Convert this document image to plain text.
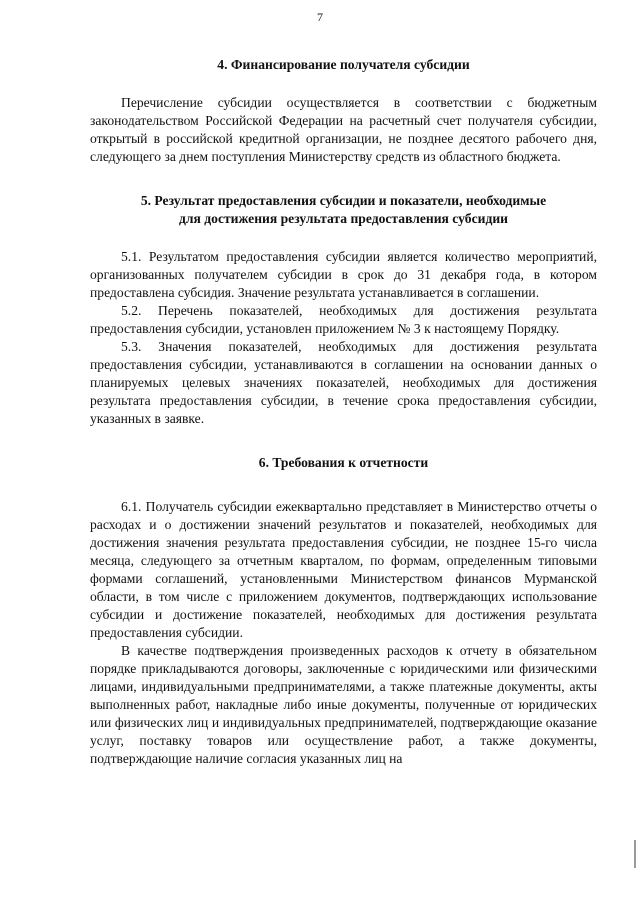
7

4. Финансирование получателя субсидии

Перечисление субсидии осуществляется в соответствии с бюджетным законодательством Российской Федерации на расчетный счет получателя субсидии, открытый в российской кредитной организации, не позднее десятого рабочего дня, следующего за днем поступления Министерству средств из областного бюджета.

5. Результат предоставления субсидии и показатели, необходимые для достижения результата предоставления субсидии

5.1. Результатом предоставления субсидии является количество мероприятий, организованных получателем субсидии в срок до 31 декабря года, в котором предоставлена субсидия. Значение результата устанавливается в соглашении.

5.2. Перечень показателей, необходимых для достижения результата предоставления субсидии, установлен приложением № 3 к настоящему Порядку.

5.3. Значения показателей, необходимых для достижения результата предоставления субсидии, устанавливаются в соглашении на основании данных о планируемых целевых значениях показателей, необходимых для достижения результата предоставления субсидии, в течение срока предоставления субсидии, указанных в заявке.

6. Требования к отчетности

6.1. Получатель субсидии ежеквартально представляет в Министерство отчеты о расходах и о достижении значений результатов и показателей, необходимых для достижения значения результата предоставления субсидии, не позднее 15-го числа месяца, следующего за отчетным кварталом, по формам, определенным типовыми формами соглашений, установленными Министерством финансов Мурманской области, в том числе с приложением документов, подтверждающих использование субсидии и достижение показателей, необходимых для достижения результата предоставления субсидии.

В качестве подтверждения произведенных расходов к отчету в обязательном порядке прикладываются договоры, заключенные с юридическими или физическими лицами, индивидуальными предпринимателями, а также платежные документы, акты выполненных работ, накладные либо иные документы, полученные от юридических или физических лиц и индивидуальных предпринимателей, подтверждающие оказание услуг, поставку товаров или осуществление работ, а также документы, подтверждающие наличие согласия указанных лиц на
